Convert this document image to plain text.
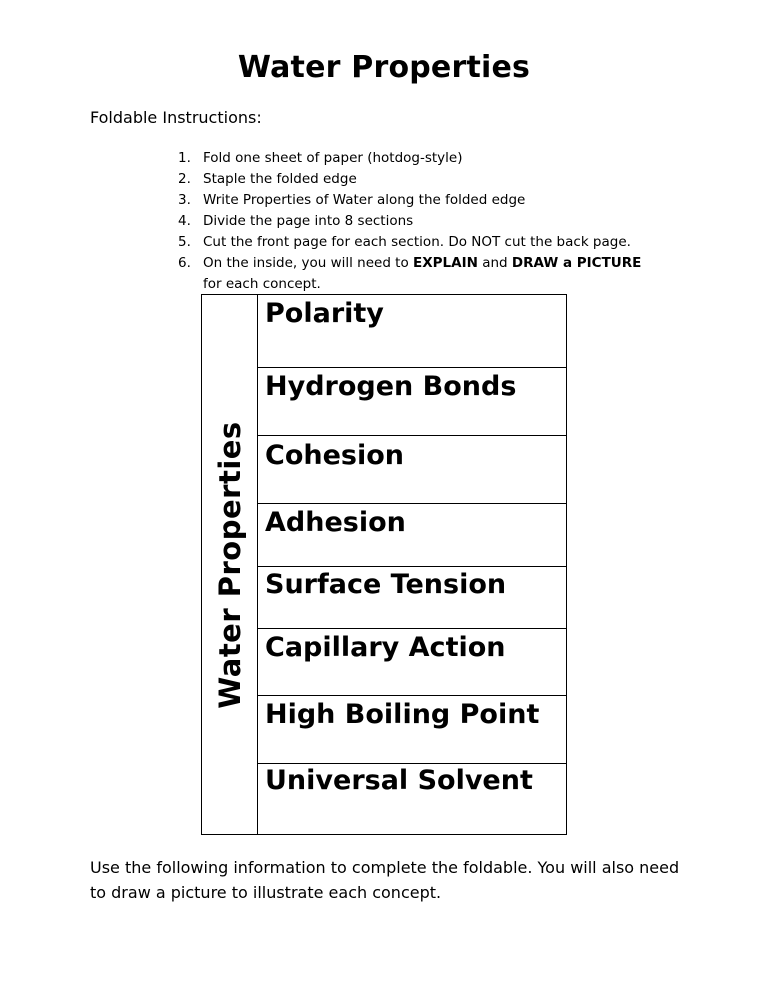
Water Properties
Foldable Instructions:
1. Fold one sheet of paper (hotdog-style)
2. Staple the folded edge
3. Write Properties of Water along the folded edge
4. Divide the page into 8 sections
5. Cut the front page for each section. Do NOT cut the back page.
6. On the inside, you will need to EXPLAIN and DRAW a PICTURE
for each concept.
Water Properties
Polarity
Hydrogen Bonds
Cohesion
Adhesion
Surface Tension
Capillary Action
High Boiling Point
Universal Solvent
Use the following information to complete the foldable. You will also need to draw a picture to illustrate each concept.
